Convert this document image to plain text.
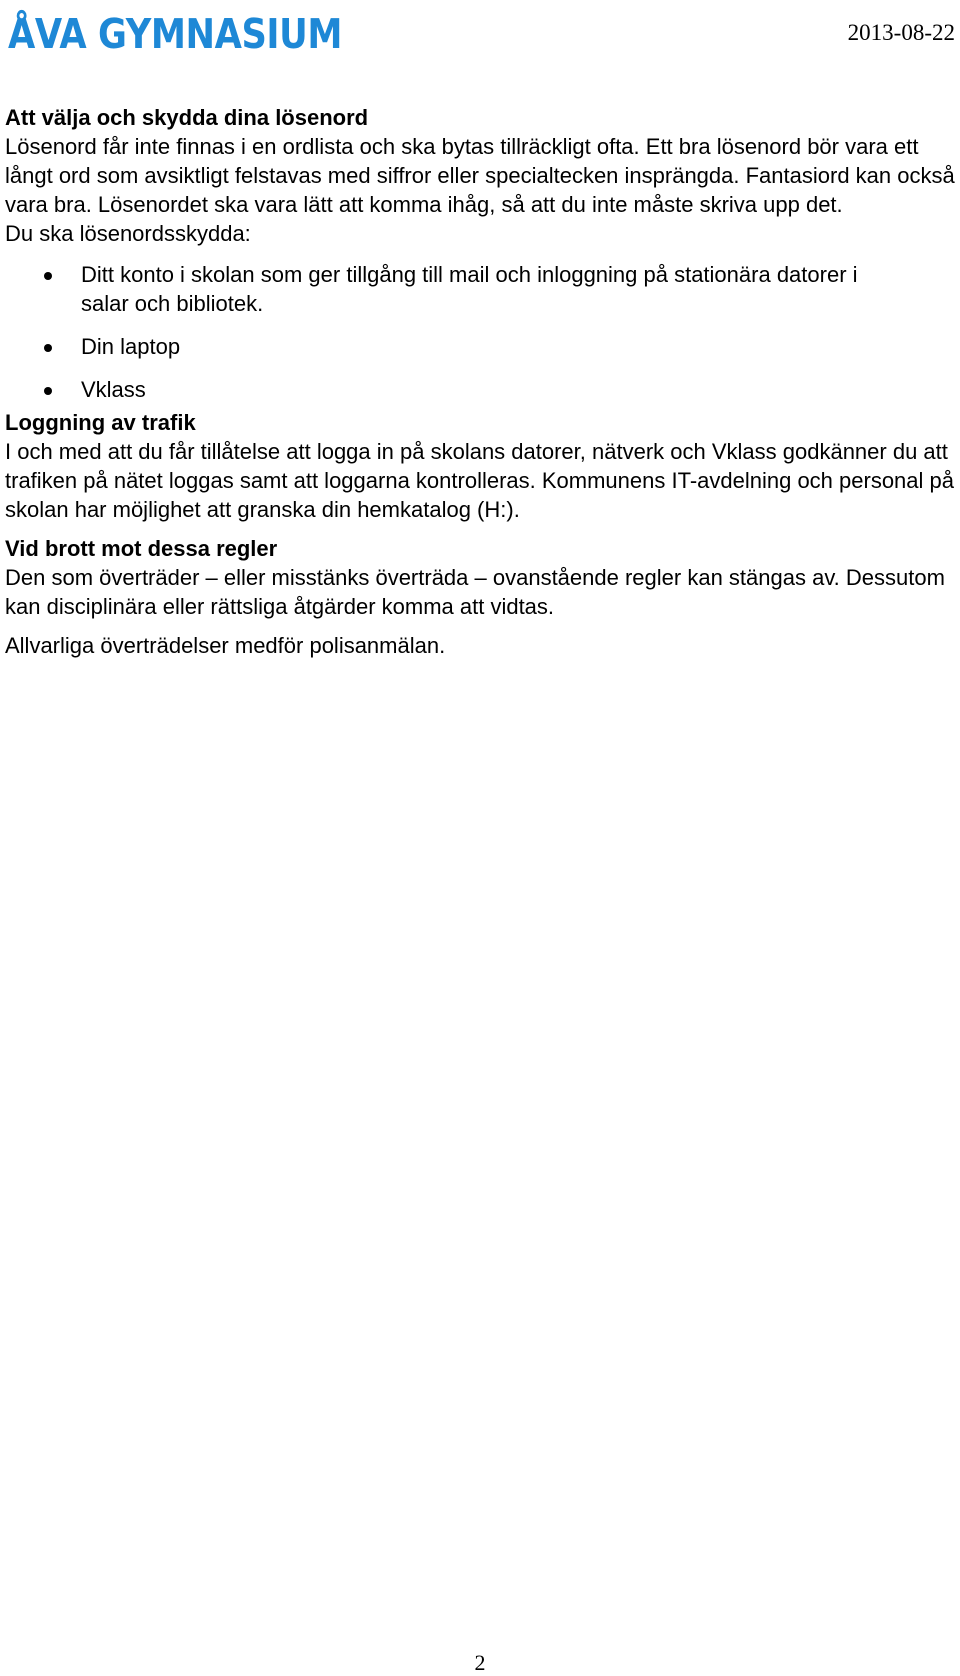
ÅVA GYMNASIUM	2013-08-22

Att välja och skydda dina lösenord

Lösenord får inte finnas i en ordlista och ska bytas tillräckligt ofta. Ett bra lösenord bör vara ett långt ord som avsiktligt felstavas med siffror eller specialtecken insprängda. Fantasiord kan också vara bra. Lösenordet ska vara lätt att komma ihåg, så att du inte måste skriva upp det.

Du ska lösenordsskydda:

Ditt konto i skolan som ger tillgång till mail och inloggning på stationära datorer i salar och bibliotek.
Din laptop
Vklass

Loggning av trafik

I och med att du får tillåtelse att logga in på skolans datorer, nätverk och Vklass godkänner du att trafiken på nätet loggas samt att loggarna kontrolleras. Kommunens IT-avdelning och personal på skolan har möjlighet att granska din hemkatalog (H:).

Vid brott mot dessa regler

Den som överträder – eller misstänks överträda – ovanstående regler kan stängas av. Dessutom kan disciplinära eller rättsliga åtgärder komma att vidtas.

Allvarliga överträdelser medför polisanmälan.

2
